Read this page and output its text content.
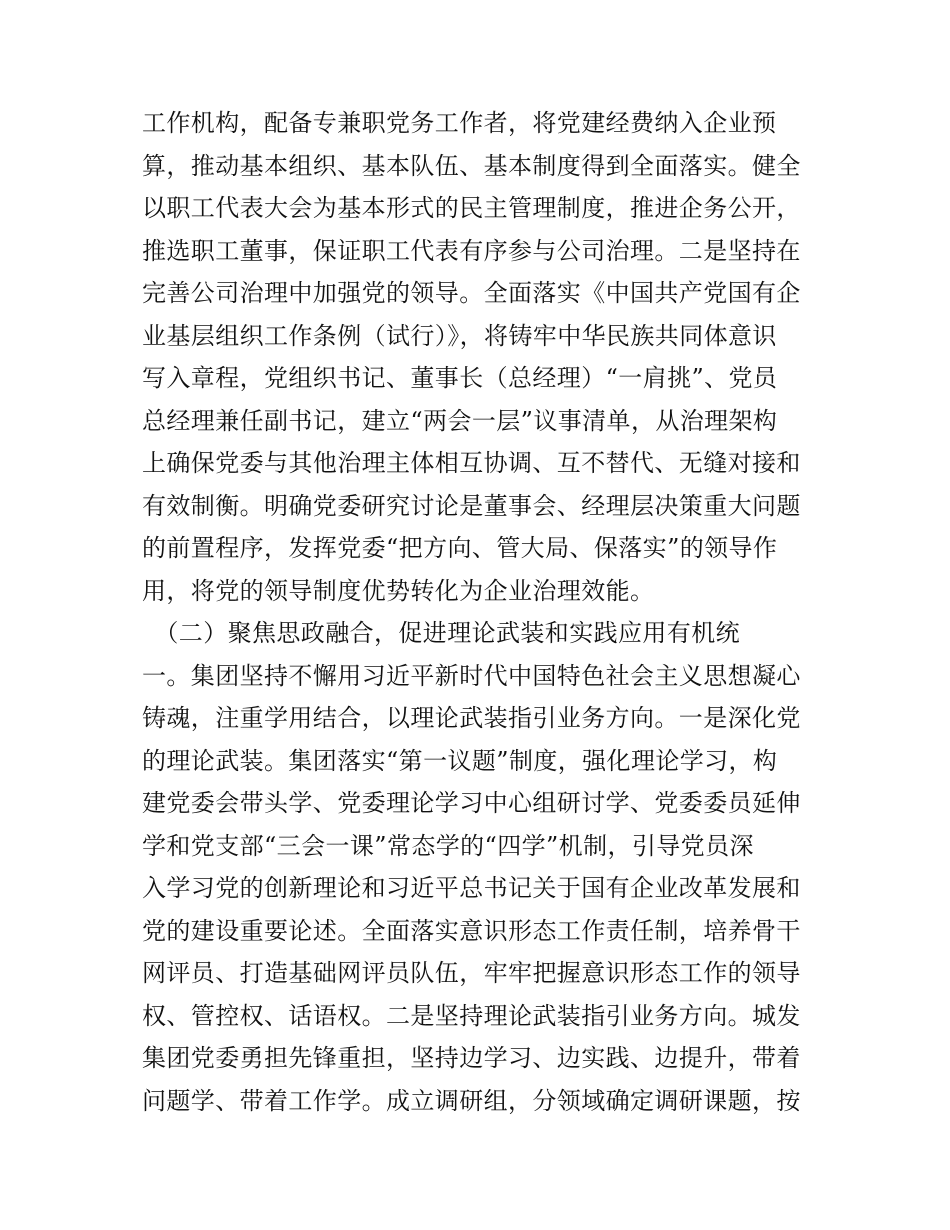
工作机构，配备专兼职党务工作者，将党建经费纳入企业预
算，推动基本组织、基本队伍、基本制度得到全面落实。健全
以职工代表大会为基本形式的民主管理制度，推进企务公开，
推选职工董事，保证职工代表有序参与公司治理。二是坚持在
完善公司治理中加强党的领导。全面落实《中国共产党国有企
业基层组织工作条例（试行）》，将铸牢中华民族共同体意识
写入章程，党组织书记、董事长（总经理）“一肩挑”、党员
总经理兼任副书记，建立“两会一层”议事清单，从治理架构
上确保党委与其他治理主体相互协调、互不替代、无缝对接和
有效制衡。明确党委研究讨论是董事会、经理层决策重大问题
的前置程序，发挥党委“把方向、管大局、保落实”的领导作
用，将党的领导制度优势转化为企业治理效能。
　（二）聚焦思政融合，促进理论武装和实践应用有机统
一。集团坚持不懈用习近平新时代中国特色社会主义思想凝心
铸魂，注重学用结合，以理论武装指引业务方向。一是深化党
的理论武装。集团落实“第一议题”制度，强化理论学习，构
建党委会带头学、党委理论学习中心组研讨学、党委委员延伸
学和党支部“三会一课”常态学的“四学”机制，引导党员深
入学习党的创新理论和习近平总书记关于国有企业改革发展和
党的建设重要论述。全面落实意识形态工作责任制，培养骨干
网评员、打造基础网评员队伍，牢牢把握意识形态工作的领导
权、管控权、话语权。二是坚持理论武装指引业务方向。城发
集团党委勇担先锋重担，坚持边学习、边实践、边提升，带着
问题学、带着工作学。成立调研组，分领域确定调研课题，按
